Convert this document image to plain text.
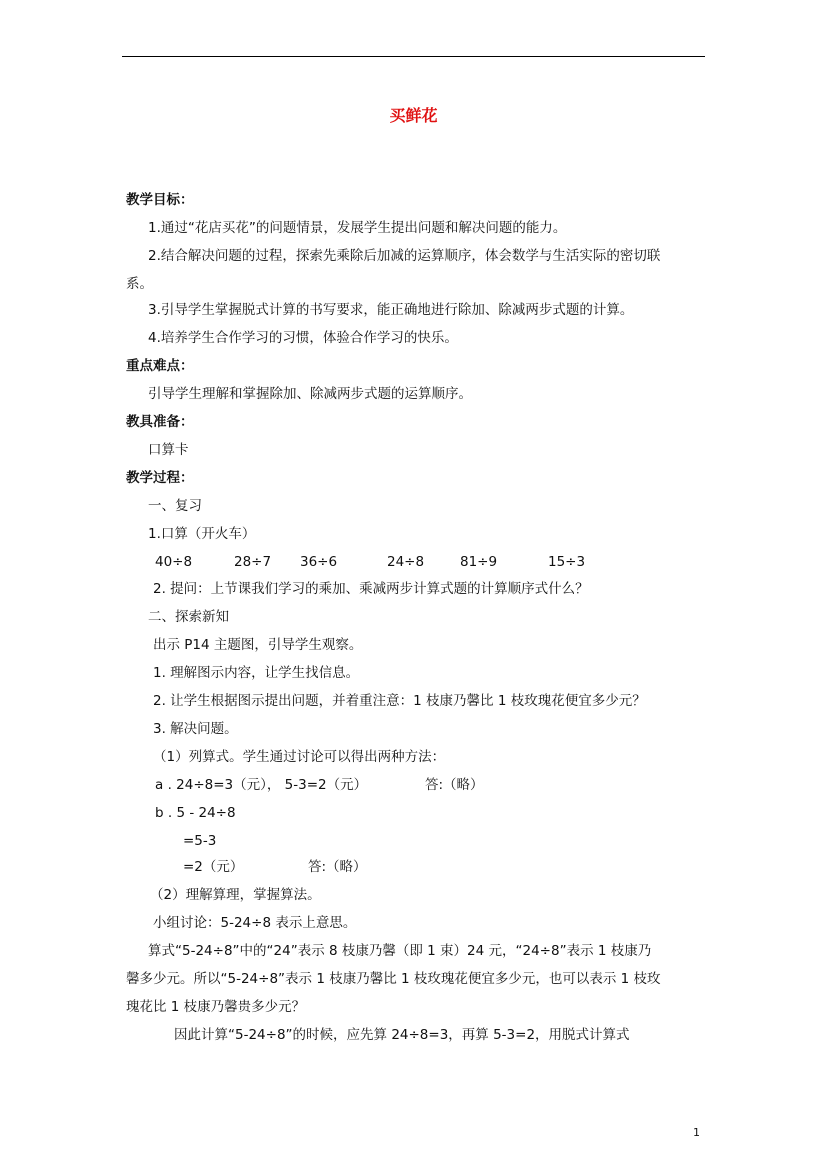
买鲜花
教学目标：
1.通过“花店买花”的问题情景，发展学生提出问题和解决问题的能力。
2.结合解决问题的过程，探索先乘除后加减的运算顺序，体会数学与生活实际的密切联
系。
3.引导学生掌握脱式计算的书写要求，能正确地进行除加、除减两步式题的计算。
4.培养学生合作学习的习惯，体验合作学习的快乐。
重点难点：
引导学生理解和掌握除加、除减两步式题的运算顺序。
教具准备：
口算卡
教学过程：
一、复习
1.口算（开火车）
40÷8	28÷7 36÷6	24÷8	81÷9	15÷3
2. 提问：上节课我们学习的乘加、乘减两步计算式题的计算顺序式什么？
二、探索新知
出示 P14 主题图，引导学生观察。
1. 理解图示内容，让学生找信息。
2. 让学生根据图示提出问题，并着重注意：1 枝康乃馨比 1 枝玫瑰花便宜多少元？
3. 解决问题。
（1）列算式。学生通过讨论可以得出两种方法：
a . 24÷8=3（元）， 5-3=2（元）	答:（略）
b . 5 - 24÷8
=5-3
=2（元）	答:（略）
（2）理解算理，掌握算法。
小组讨论：5-24÷8 表示上意思。
算式“5-24÷8”中的“24”表示 8 枝康乃馨（即 1 束）24 元，“24÷8”表示 1 枝康乃
馨多少元。所以“5-24÷8”表示 1 枝康乃馨比 1 枝玫瑰花便宜多少元，也可以表示 1 枝玫
瑰花比 1 枝康乃馨贵多少元？
因此计算“5-24÷8”的时候，应先算 24÷8=3，再算 5-3=2，用脱式计算式
1
